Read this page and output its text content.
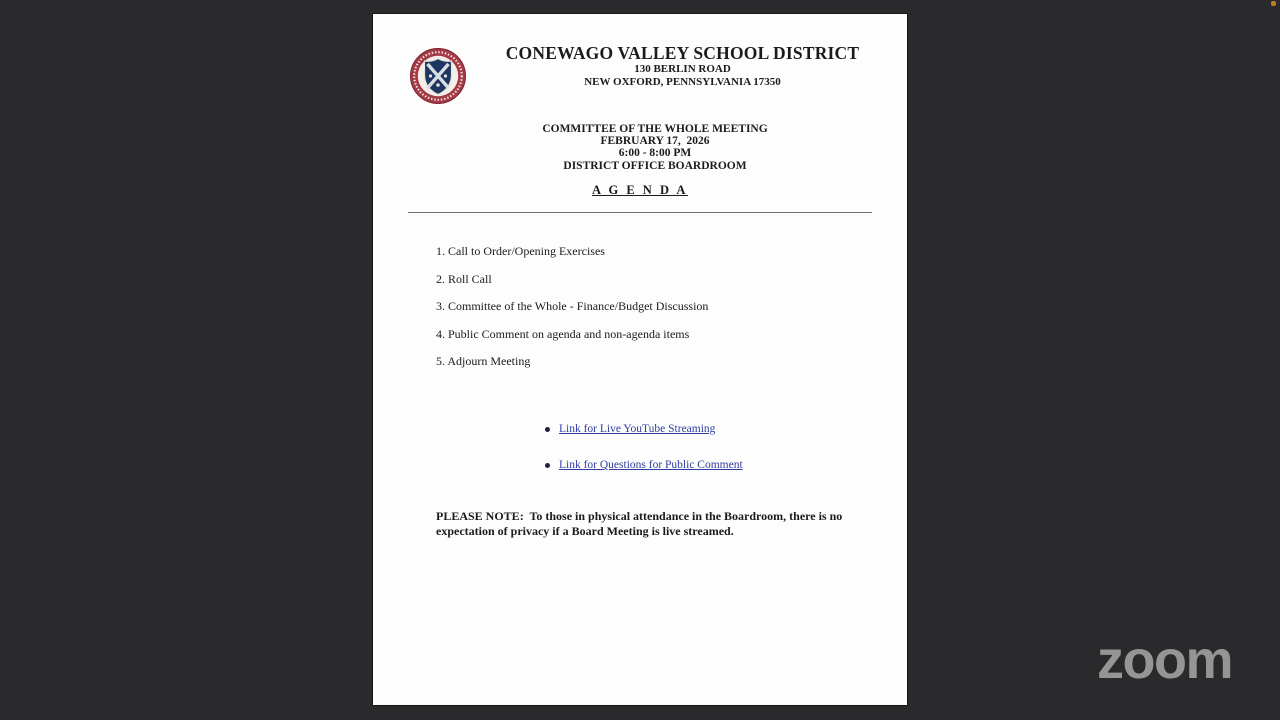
CONEWAGO VALLEY SCHOOL DISTRICT
130 BERLIN ROAD
NEW OXFORD, PENNSYLVANIA 17350
COMMITTEE OF THE WHOLE MEETING
FEBRUARY 17,  2026
6:00 - 8:00 PM
DISTRICT OFFICE BOARDROOM
A G E N D A
1. Call to Order/Opening Exercises
2. Roll Call
3. Committee of the Whole - Finance/Budget Discussion
4. Public Comment on agenda and non-agenda items
5. Adjourn Meeting
Link for Live YouTube Streaming
Link for Questions for Public Comment
PLEASE NOTE:  To those in physical attendance in the Boardroom, there is no expectation of privacy if a Board Meeting is live streamed.
zoom
